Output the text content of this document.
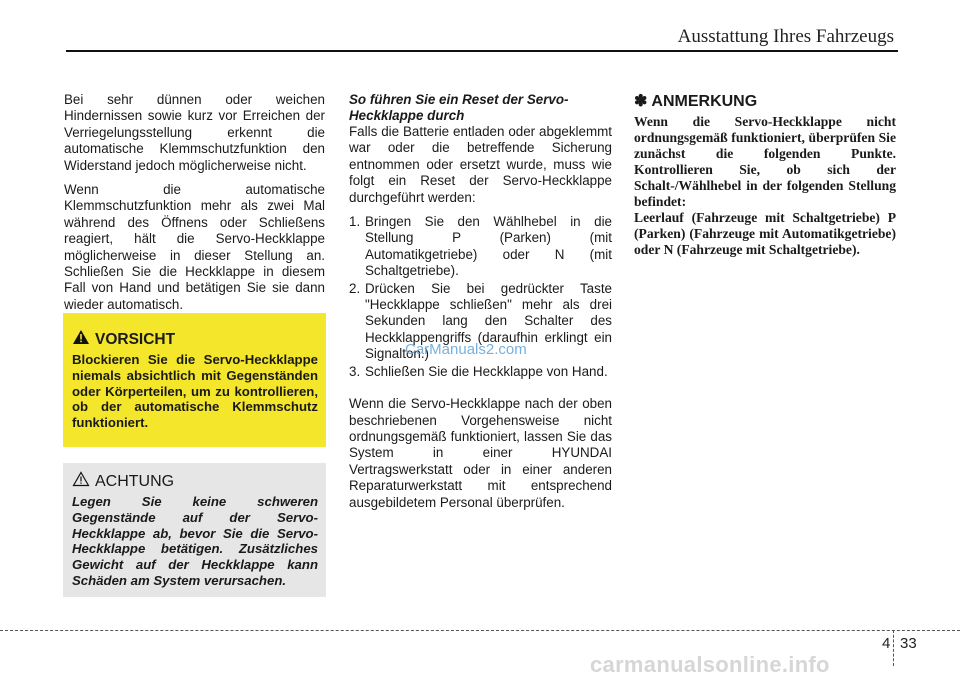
Ausstattung Ihres Fahrzeugs

Bei sehr dünnen oder weichen Hindernissen sowie kurz vor Erreichen der Verriegelungsstellung erkennt die automatische Klemmschutzfunktion den Widerstand jedoch möglicherweise nicht.

Wenn die automatische Klemmschutzfunktion mehr als zwei Mal während des Öffnens oder Schließens reagiert, hält die Servo-Heckklappe möglicherweise in dieser Stellung an. Schließen Sie die Heckklappe in diesem Fall von Hand und betätigen Sie sie dann wieder automatisch.

VORSICHT
Blockieren Sie die Servo-Heckklappe niemals absichtlich mit Gegenständen oder Körperteilen, um zu kontrollieren, ob der automatische Klemmschutz funktioniert.
ACHTUNG
Legen Sie keine schweren Gegenstände auf der Servo-Heckklappe ab, bevor Sie die Servo-Heckklappe betätigen. Zusätzliches Gewicht auf der Heckklappe kann Schäden am System verursachen.
So führen Sie ein Reset der Servo-Heckklappe durch

Falls die Batterie entladen oder abgeklemmt war oder die betreffende Sicherung entnommen oder ersetzt wurde, muss wie folgt ein Reset der Servo-Heckklappe durchgeführt werden:

1. Bringen Sie den Wählhebel in die Stellung P (Parken) (mit Automatikgetriebe) oder N (mit Schaltgetriebe).
2. Drücken Sie bei gedrückter Taste "Heckklappe schließen" mehr als drei Sekunden lang den Schalter des Heckklappengriffs (daraufhin erklingt ein Signalton.)
3. Schließen Sie die Heckklappe von Hand.

Wenn die Servo-Heckklappe nach der oben beschriebenen Vorgehensweise nicht ordnungsgemäß funktioniert, lassen Sie das System in einer HYUNDAI Vertragswerkstatt oder in einer anderen Reparaturwerkstatt mit entsprechend ausgebildetem Personal überprüfen.

✽ ANMERKUNG
Wenn die Servo-Heckklappe nicht ordnungsgemäß funktioniert, überprüfen Sie zunächst die folgenden Punkte. Kontrollieren Sie, ob sich der Schalt-/Wählhebel in der folgenden Stellung befindet:
Leerlauf (Fahrzeuge mit Schaltgetriebe) P (Parken) (Fahrzeuge mit Automatikgetriebe) oder N (Fahrzeuge mit Schaltgetriebe).
CarManuals2.com
4 33
carmanualsonline.info
